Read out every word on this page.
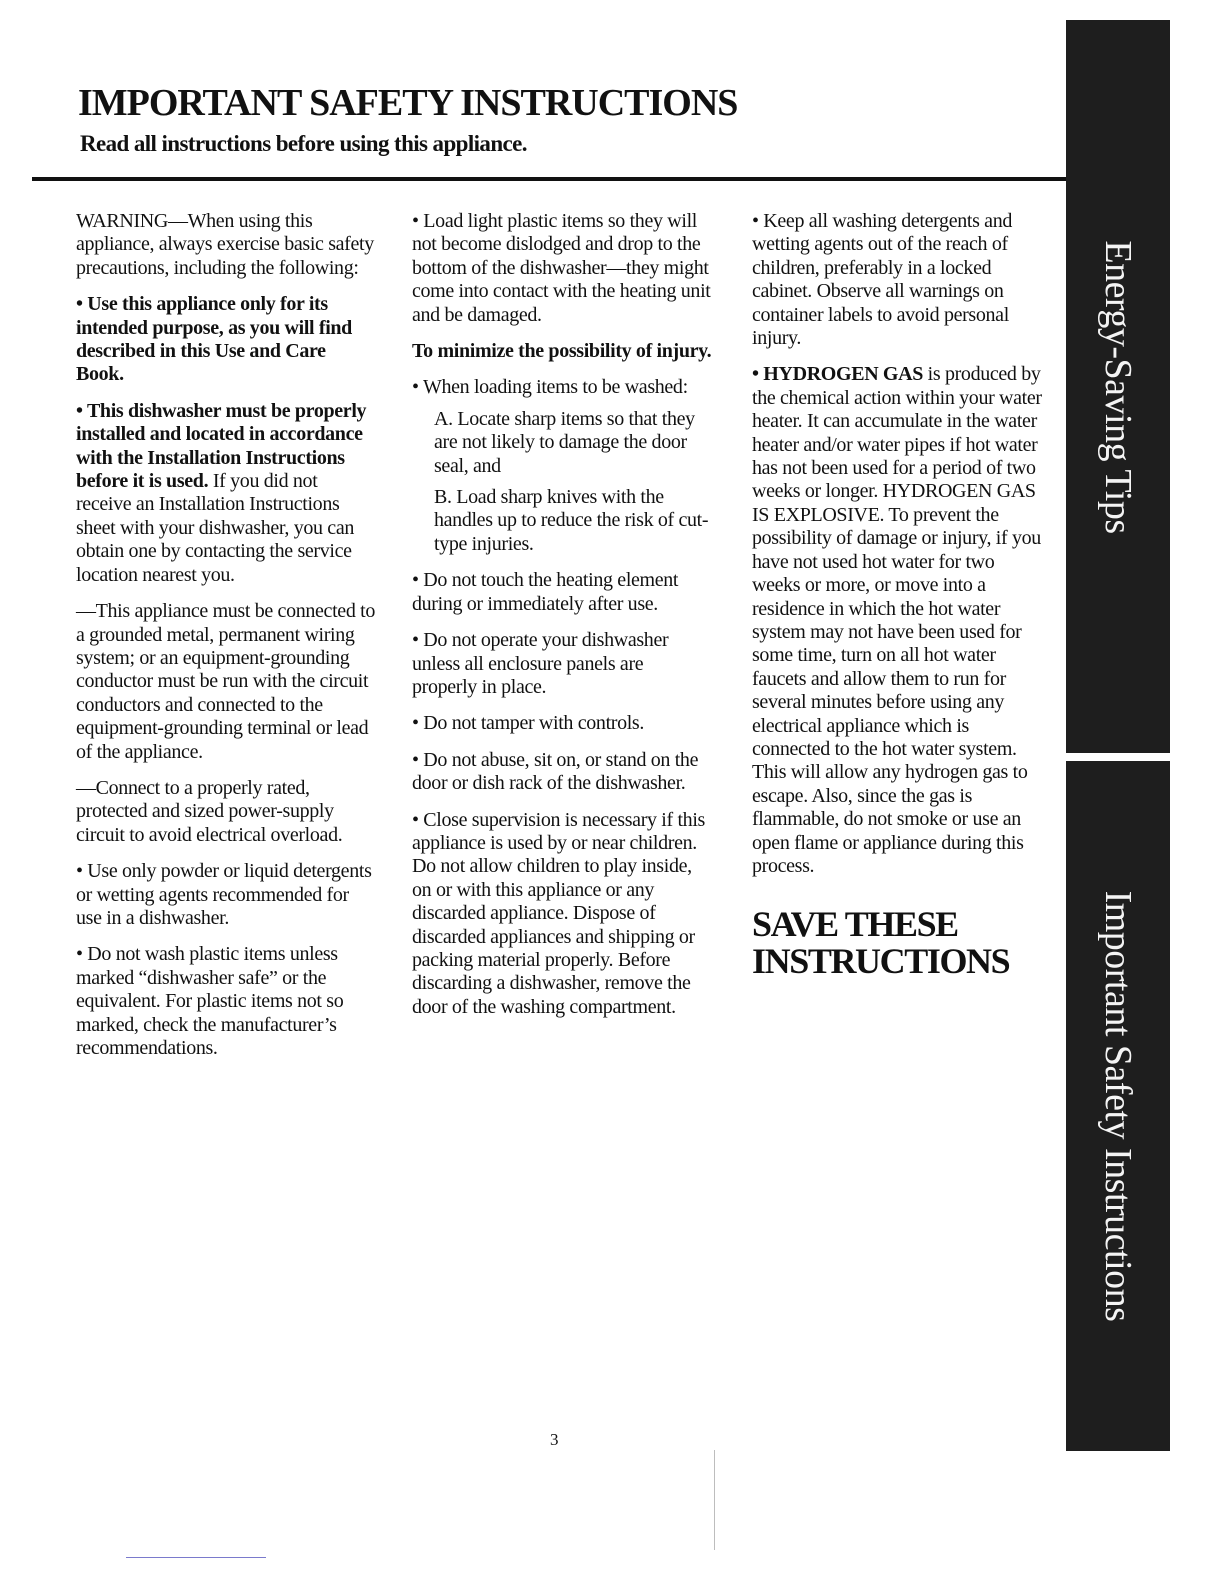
IMPORTANT SAFETY INSTRUCTIONS
Read all instructions before using this appliance.

WARNING—When using this appliance, always exercise basic safety precautions, including the following:

• Use this appliance only for its intended purpose, as you will find described in this Use and Care Book.

• This dishwasher must be properly installed and located in accordance with the Installation Instructions before it is used. If you did not receive an Installation Instructions sheet with your dishwasher, you can obtain one by contacting the service location nearest you.

—This appliance must be connected to a grounded metal, permanent wiring system; or an equipment-grounding conductor must be run with the circuit conductors and connected to the equipment-grounding terminal or lead of the appliance.

—Connect to a properly rated, protected and sized power-supply circuit to avoid electrical overload.

• Use only powder or liquid detergents or wetting agents recommended for use in a dishwasher.

• Do not wash plastic items unless marked “dishwasher safe” or the equivalent. For plastic items not so marked, check the manufacturer’s recommendations.

• Load light plastic items so they will not become dislodged and drop to the bottom of the dishwasher—they might come into contact with the heating unit and be damaged.

To minimize the possibility of injury.

• When loading items to be washed:

A. Locate sharp items so that they are not likely to damage the door seal, and

B. Load sharp knives with the handles up to reduce the risk of cut-type injuries.

• Do not touch the heating element during or immediately after use.

• Do not operate your dishwasher unless all enclosure panels are properly in place.

• Do not tamper with controls.

• Do not abuse, sit on, or stand on the door or dish rack of the dishwasher.

• Close supervision is necessary if this appliance is used by or near children. Do not allow children to play inside, on or with this appliance or any discarded appliance. Dispose of discarded appliances and shipping or packing material properly. Before discarding a dishwasher, remove the door of the washing compartment.

• Keep all washing detergents and wetting agents out of the reach of children, preferably in a locked cabinet. Observe all warnings on container labels to avoid personal injury.

• HYDROGEN GAS is produced by the chemical action within your water heater. It can accumulate in the water heater and/or water pipes if hot water has not been used for a period of two weeks or longer. HYDROGEN GAS IS EXPLOSIVE. To prevent the possibility of damage or injury, if you have not used hot water for two weeks or more, or move into a residence in which the hot water system may not have been used for some time, turn on all hot water faucets and allow them to run for several minutes before using any electrical appliance which is connected to the hot water system. This will allow any hydrogen gas to escape. Also, since the gas is flammable, do not smoke or use an open flame or appliance during this process.

SAVE THESE
INSTRUCTIONS
Energy-Saving Tips
Important Safety Instructions
3
